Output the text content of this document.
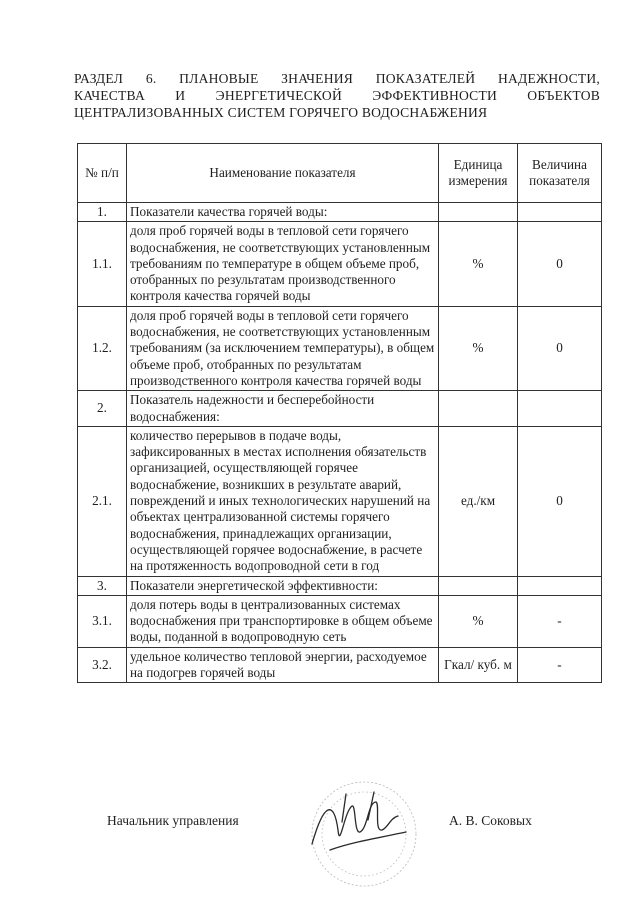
РАЗДЕЛ 6. ПЛАНОВЫЕ ЗНАЧЕНИЯ ПОКАЗАТЕЛЕЙ НАДЕЖНОСТИ,
КАЧЕСТВА И ЭНЕРГЕТИЧЕСКОЙ ЭФФЕКТИВНОСТИ ОБЪЕКТОВ
ЦЕНТРАЛИЗОВАННЫХ СИСТЕМ ГОРЯЧЕГО ВОДОСНАБЖЕНИЯ
№ п/п	Наименование показателя	Единица измерения	Величина показателя
1.	Показатели качества горячей воды:		
1.1.	доля проб горячей воды в тепловой сети горячего водоснабжения, не соответствующих установленным требованиям по температуре в общем объеме проб, отобранных по результатам производственного контроля качества горячей воды	%	0
1.2.	доля проб горячей воды в тепловой сети горячего водоснабжения, не соответствующих установленным требованиям (за исключением температуры), в общем объеме проб, отобранных по результатам производственного контроля качества горячей воды	%	0
2.	Показатель надежности и бесперебойности водоснабжения:		
2.1.	количество перерывов в подаче воды, зафиксированных в местах исполнения обязательств организацией, осуществляющей горячее водоснабжение, возникших в результате аварий, повреждений и иных технологических нарушений на объектах централизованной системы горячего водоснабжения, принадлежащих организации, осуществляющей горячее водоснабжение, в расчете на протяженность водопроводной сети в год	ед./км	0
3.	Показатели энергетической эффективности:		
3.1.	доля потерь воды в централизованных системах водоснабжения при транспортировке в общем объеме воды, поданной в водопроводную сеть	%	-
3.2.	удельное количество тепловой энергии, расходуемое на подогрев горячей воды	Гкал/ куб. м	-
Начальник управления	А. В. Соковых
